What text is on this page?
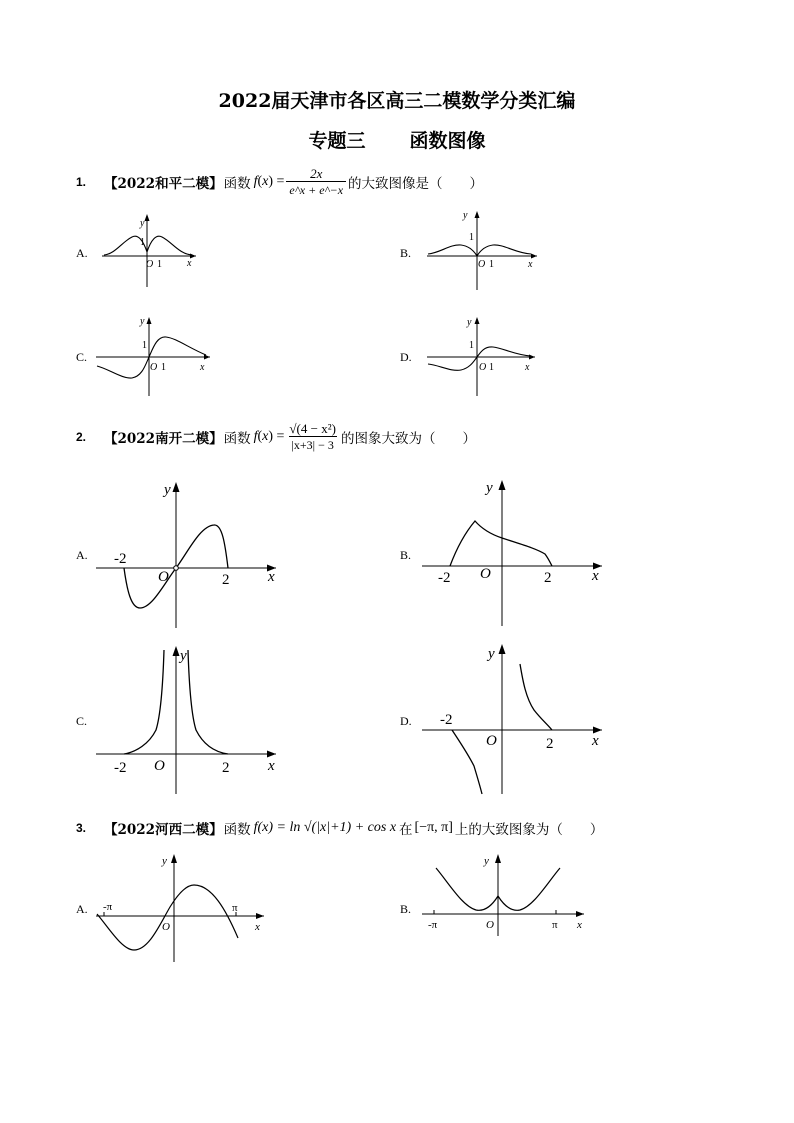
2022届天津市各区高三二模数学分类汇编
专题三 函数图像
1.	【2022和平二模】 函数 $f(x) = \frac{2x}{e\^{}x + e\^{}-x}$ 的大致图像是（　　）
A.	B.
C.	D.
y
1
O 1	x
y
1
O 1	x
y
1
O 1	x
y
1
O 1	x
2.	【2022南开二模】 函数 $f(x) = \frac{\text{√(4 − x²)}}{|x+3| - 3}$ 的图象大致为（　　）
A.	B.
C.	D.
y
-2
O	2	x
y
-2 O	2	x
y
-2 O	2	x
y
-2
O	2	x
3.	【2022河西二模】 函数 f(x) = ln √(|x|+1) + cos x 在 [−π, π] 上的大致图象为（　　）
A.	B.
y
-π
O
π
x
y
-π	O	π x
